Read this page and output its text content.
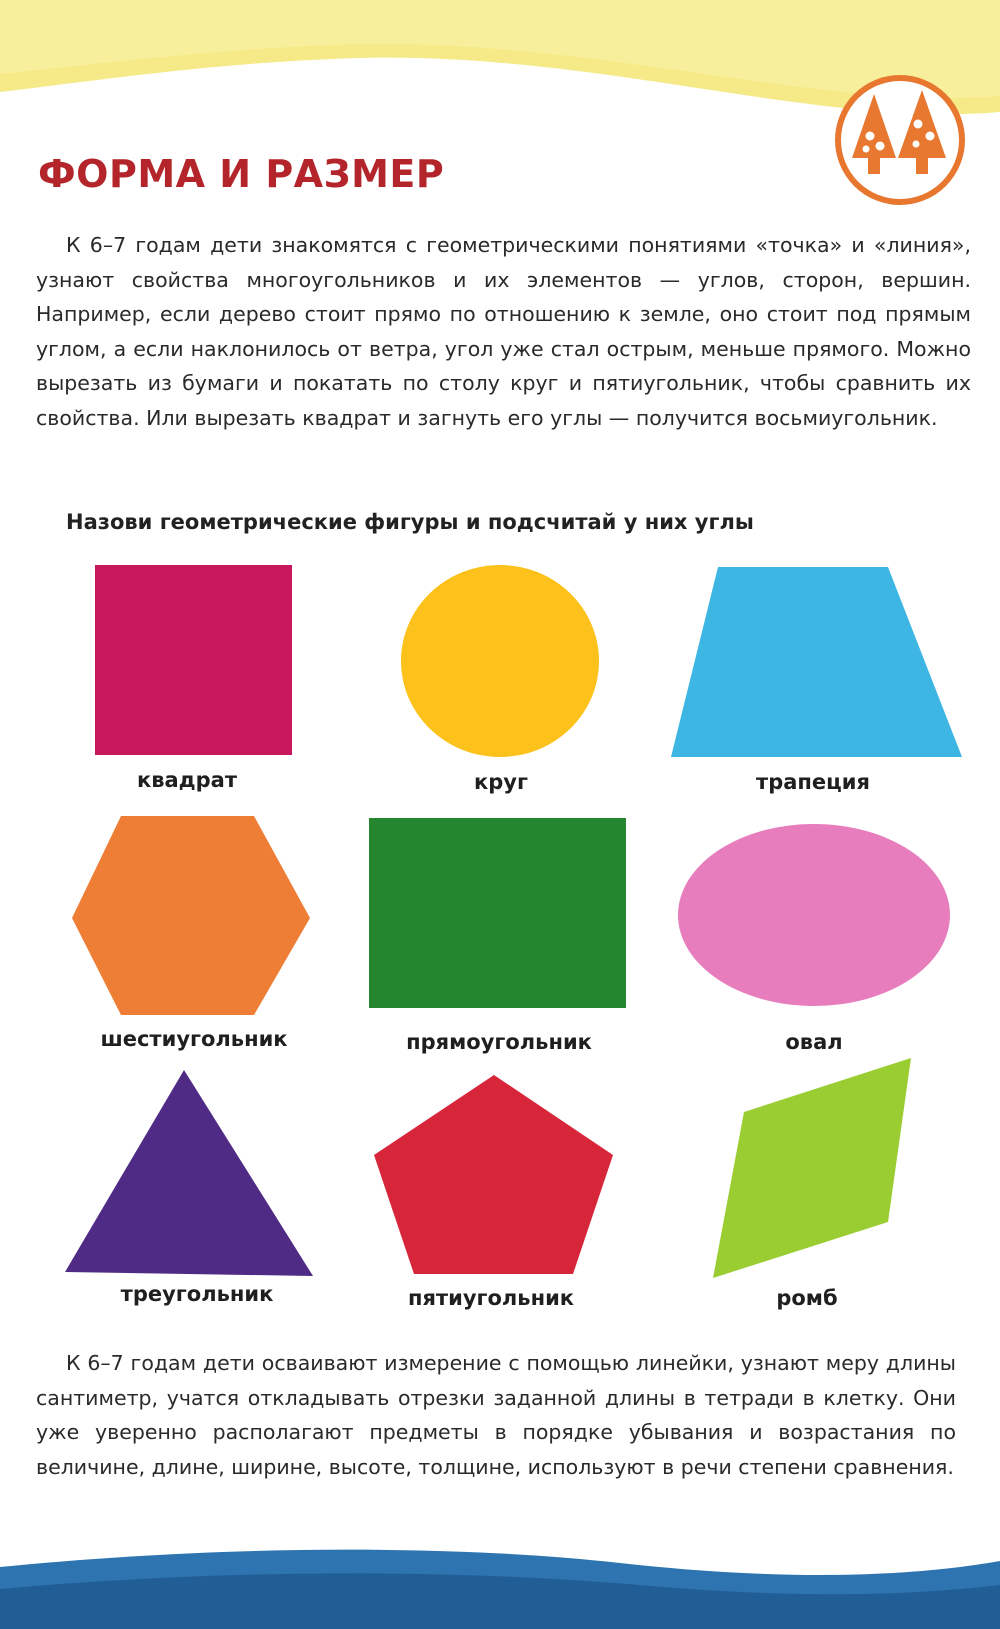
ФОРМА И РАЗМЕР

К 6–7 годам дети знакомятся с геометрическими понятиями «точка» и «линия», узнают свойства многоугольников и их элементов — углов, сторон, вершин. Например, если дерево стоит прямо по отношению к земле, оно стоит под прямым углом, а если наклонилось от ветра, угол уже стал острым, меньше прямого. Можно вырезать из бумаги и покатать по столу круг и пятиугольник, чтобы сравнить их свойства. Или вырезать квадрат и загнуть его углы — получится восьмиугольник.

Назови геометрические фигуры и подсчитай у них углы

квадрат	круг	трапеция

шестиугольник	прямоугольник	овал

треугольник	пятиугольник	ромб

К 6–7 годам дети осваивают измерение с помощью линейки, узнают меру длины сантиметр, учатся откладывать отрезки заданной длины в тетради в клетку. Они уже уверенно располагают предметы в порядке убывания и возрастания по величине, длине, ширине, высоте, толщине, используют в речи степени сравнения.
